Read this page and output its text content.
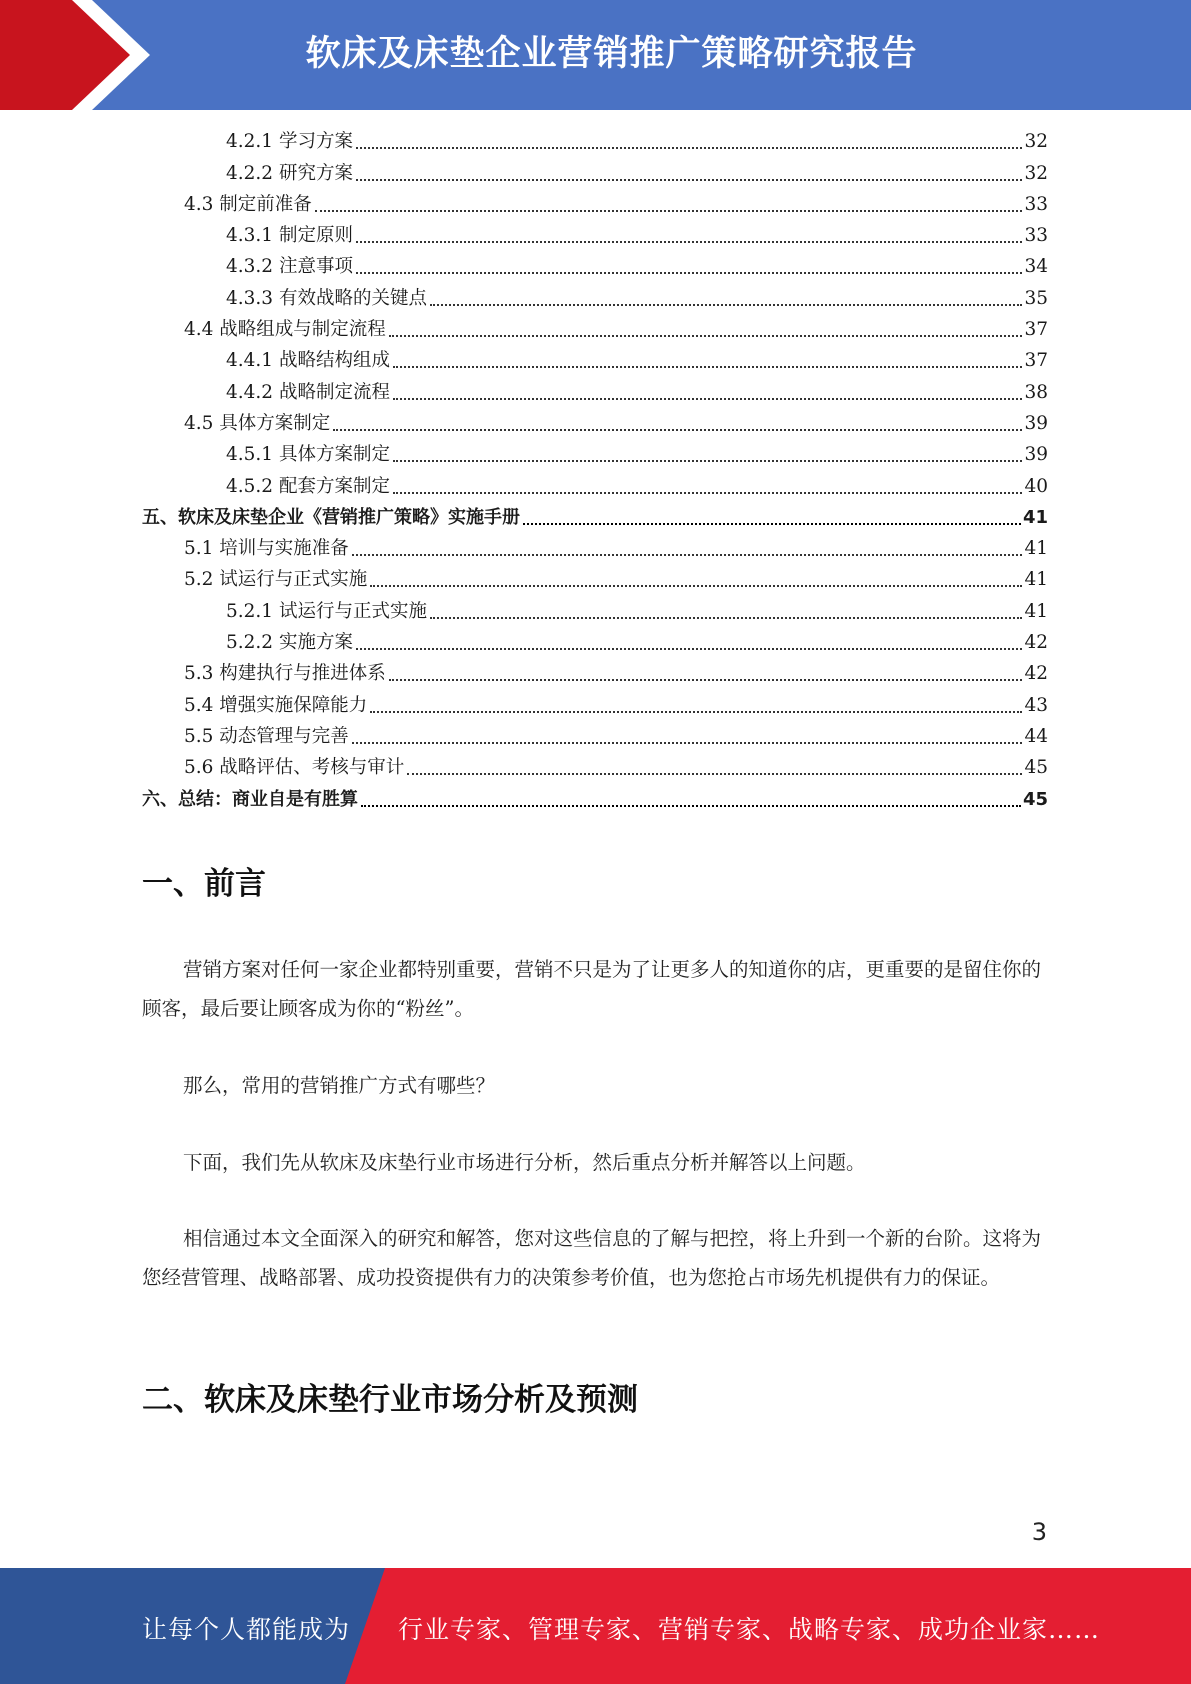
软床及床垫企业营销推广策略研究报告
4.2.1 学习方案	32
4.2.2 研究方案	32
4.3 制定前准备	33
4.3.1 制定原则	33
4.3.2 注意事项	34
4.3.3 有效战略的关键点	35
4.4 战略组成与制定流程	37
4.4.1 战略结构组成	37
4.4.2 战略制定流程	38
4.5 具体方案制定	39
4.5.1 具体方案制定	39
4.5.2 配套方案制定	40
五、软床及床垫企业《营销推广策略》实施手册	41
5.1 培训与实施准备	41
5.2 试运行与正式实施	41
5.2.1 试运行与正式实施	41
5.2.2 实施方案	42
5.3 构建执行与推进体系	42
5.4 增强实施保障能力	43
5.5 动态管理与完善	44
5.6 战略评估、考核与审计	45
六、总结：商业自是有胜算	45
一、前言

营销方案对任何一家企业都特别重要，营销不只是为了让更多人的知道你的店，更重要的是留住你的顾客，最后要让顾客成为你的“粉丝”。

那么，常用的营销推广方式有哪些？

下面，我们先从软床及床垫行业市场进行分析，然后重点分析并解答以上问题。

相信通过本文全面深入的研究和解答，您对这些信息的了解与把控，将上升到一个新的台阶。这将为您经营管理、战略部署、成功投资提供有力的决策参考价值，也为您抢占市场先机提供有力的保证。

二、软床及床垫行业市场分析及预测
3
让每个人都能成为 行业专家、管理专家、营销专家、战略专家、成功企业家……
